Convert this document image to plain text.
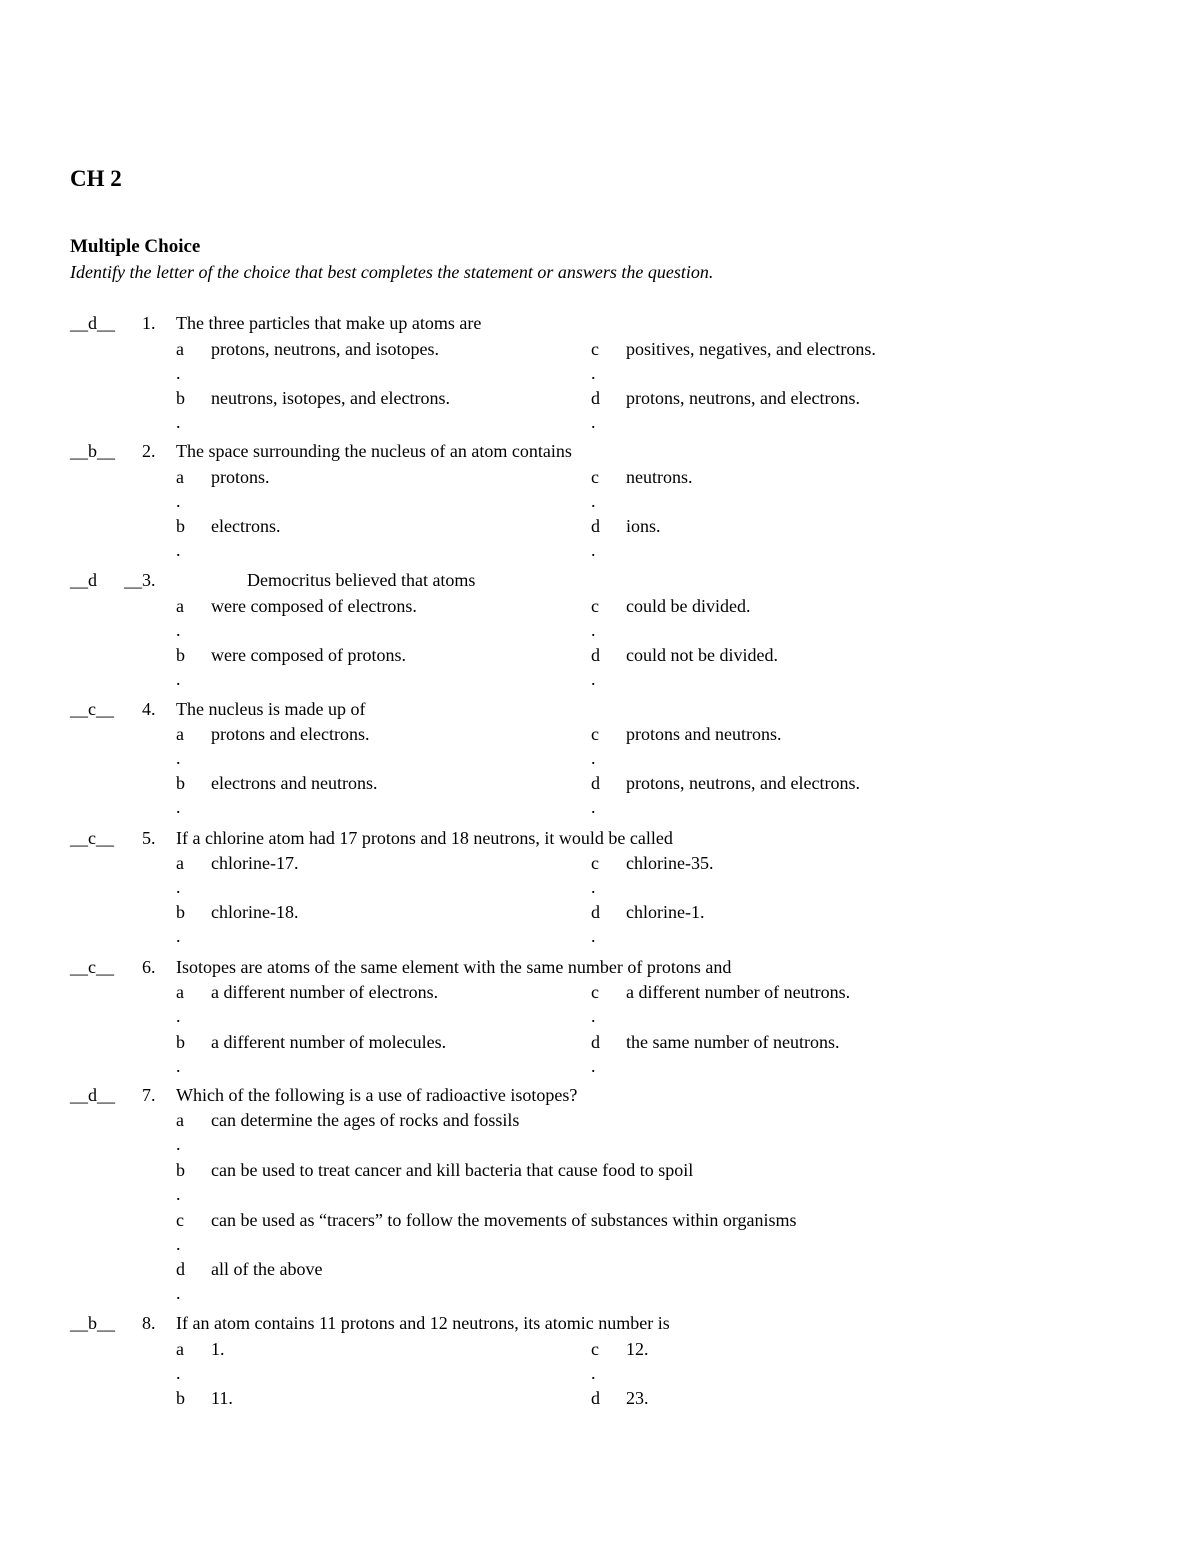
CH 2
Multiple Choice

Identify the letter of the choice that best completes the statement or answers the question.

__d__ 1. The three particles that make up atoms are
a
.
protons, neutrons, and isotopes.
b
.
neutrons, isotopes, and electrons.
c
.
positives, negatives, and electrons.
d
.
protons, neutrons, and electrons.
__b__ 2. The space surrounding the nucleus of an atom contains
a
.
protons.
b
.
electrons.
c
.
neutrons.
d
.
ions.
__d      __ 3.	Democritus believed that atoms
a
.
were composed of electrons.
b
.
were composed of protons.
c
.
could be divided.
d
.
could not be divided.
__c__ 4. The nucleus is made up of
a
.
protons and electrons.
b
.
electrons and neutrons.
c
.
protons and neutrons.
d
.
protons, neutrons, and electrons.
__c__ 5. If a chlorine atom had 17 protons and 18 neutrons, it would be called
a
.
chlorine-17.
b
.
chlorine-18.
c
.
chlorine-35.
d
.
chlorine-1.
__c__ 6. Isotopes are atoms of the same element with the same number of protons and
a
.
a different number of electrons.
b
.
a different number of molecules.
c
.
a different number of neutrons.
d
.
the same number of neutrons.
__d__ 7. Which of the following is a use of radioactive isotopes?
a
.
can determine the ages of rocks and fossils
b
.
can be used to treat cancer and kill bacteria that cause food to spoil
c
.
can be used as “tracers” to follow the movements of substances within organisms
d
.
all of the above
__b__ 8. If an atom contains 11 protons and 12 neutrons, its atomic number is
a
.
1.
b 11.
c
.
12.
d 23.
